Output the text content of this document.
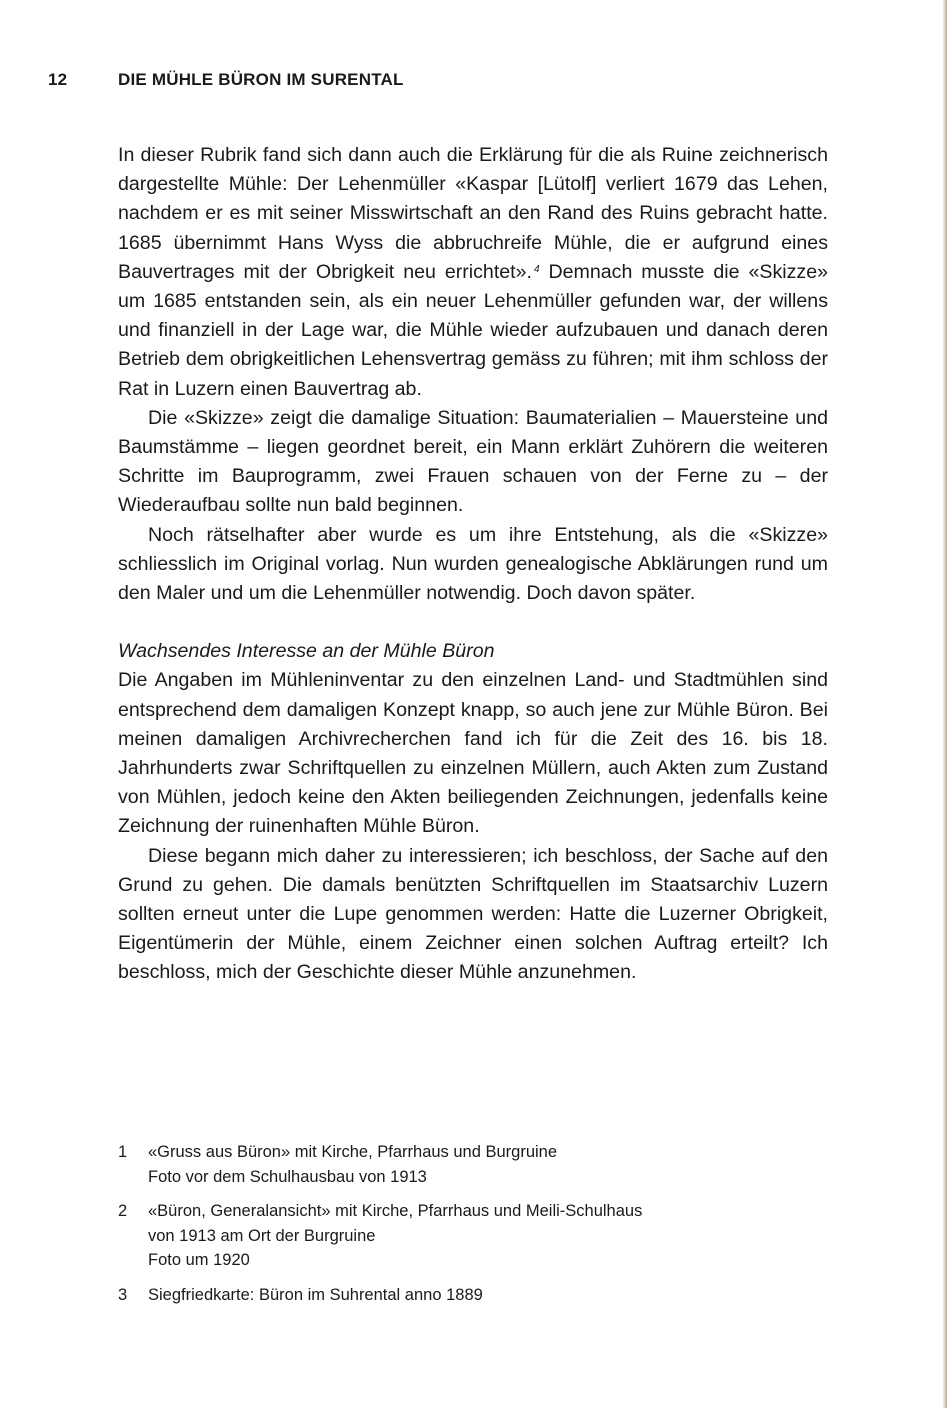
12	DIE MÜHLE BÜRON IM SURENTAL

In dieser Rubrik fand sich dann auch die Erklärung für die als Ruine zeichnerisch dargestellte Mühle: Der Lehenmüller «Kaspar [Lütolf] verliert 1679 das Lehen, nachdem er es mit seiner Misswirtschaft an den Rand des Ruins gebracht hatte. 1685 übernimmt Hans Wyss die abbruchreife Mühle, die er aufgrund eines Bauvertrages mit der Obrigkeit neu errichtet». $^4$ Demnach musste die «Skizze» um 1685 entstanden sein, als ein neuer Lehenmüller gefunden war, der willens und finanziell in der Lage war, die Mühle wieder aufzubauen und danach deren Betrieb dem obrigkeitlichen Lehensvertrag gemäss zu führen; mit ihm schloss der Rat in Luzern einen Bauvertrag ab.

Die «Skizze» zeigt die damalige Situation: Baumaterialien – Mauersteine und Baumstämme – liegen geordnet bereit, ein Mann erklärt Zuhörern die weiteren Schritte im Bauprogramm, zwei Frauen schauen von der Ferne zu – der Wiederaufbau sollte nun bald beginnen.

Noch rätselhafter aber wurde es um ihre Entstehung, als die «Skizze» schliesslich im Original vorlag. Nun wurden genealogische Abklärungen rund um den Maler und um die Lehenmüller notwendig. Doch davon später.

Wachsendes Interesse an der Mühle Büron

Die Angaben im Mühleninventar zu den einzelnen Land- und Stadtmühlen sind entsprechend dem damaligen Konzept knapp, so auch jene zur Mühle Büron. Bei meinen damaligen Archivrecherchen fand ich für die Zeit des 16. bis 18. Jahrhunderts zwar Schriftquellen zu einzelnen Müllern, auch Akten zum Zustand von Mühlen, jedoch keine den Akten beiliegenden Zeichnungen, jedenfalls keine Zeichnung der ruinenhaften Mühle Büron.

Diese begann mich daher zu interessieren; ich beschloss, der Sache auf den Grund zu gehen. Die damals benützten Schriftquellen im Staatsarchiv Luzern sollten erneut unter die Lupe genommen werden: Hatte die Luzerner Obrigkeit, Eigentümerin der Mühle, einem Zeichner einen solchen Auftrag erteilt? Ich beschloss, mich der Geschichte dieser Mühle anzunehmen.

1 «Gruss aus Büron» mit Kirche, Pfarrhaus und Burgruine
Foto vor dem Schulhausbau von 1913
2 «Büron, Generalansicht» mit Kirche, Pfarrhaus und Meili-Schulhaus
von 1913 am Ort der Burgruine
Foto um 1920
3 Siegfriedkarte: Büron im Suhrental anno 1889
